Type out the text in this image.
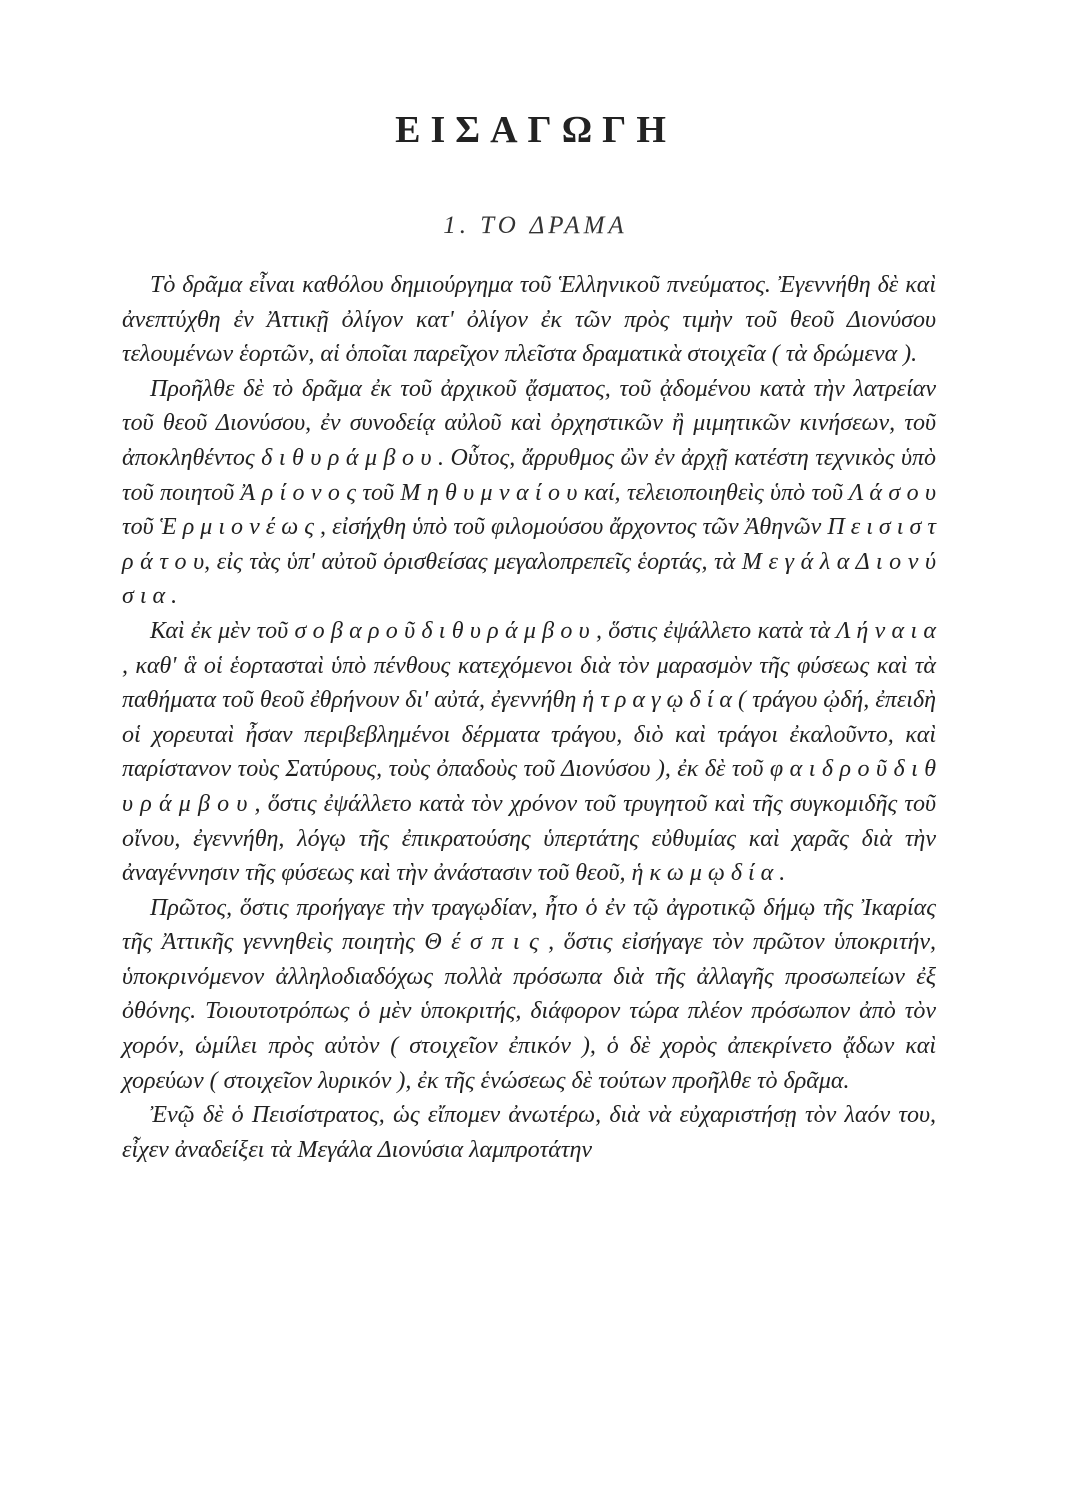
ΕΙΣΑΓΩΓΗ
1. ΤΟ ΔΡΑΜΑ

Τὸ δρᾶμα εἶναι καθόλου δημιούργημα τοῦ Ἑλληνικοῦ πνεύματος. Ἐγεννήθη δὲ καὶ ἀνεπτύχθη ἐν Ἀττικῇ ὀλίγον κατ' ὀλίγον ἐκ τῶν πρὸς τιμὴν τοῦ θεοῦ Διονύσου τελουμένων ἑορτῶν, αἱ ὁποῖαι παρεῖχον πλεῖστα δραματικὰ στοιχεῖα ( τὰ δρώμενα ).

Προῆλθε δὲ τὸ δρᾶμα ἐκ τοῦ ἀρχικοῦ ᾄσματος, τοῦ ᾀδομένου κατὰ τὴν λατρείαν τοῦ θεοῦ Διονύσου, ἐν συνοδείᾳ αὐλοῦ καὶ ὀρχηστικῶν ἢ μιμητικῶν κινήσεων, τοῦ ἀποκληθέντος δ ι θ υ ρ ά μ β ο υ . Οὗτος, ἄρρυθμος ὢν ἐν ἀρχῇ κατέστη τεχνικὸς ὑπὸ τοῦ ποιητοῦ Ἀ ρ ί ο ν ο ς τοῦ Μ η θ υ μ ν α ί ο υ καί, τελειοποιηθεὶς ὑπὸ τοῦ Λ ά σ ο υ τοῦ Ἑ ρ μ ι ο ν έ ω ς , εἰσήχθη ὑπὸ τοῦ φιλομούσου ἄρχοντος τῶν Ἀθηνῶν Π ε ι σ ι σ τ ρ ά τ ο υ, εἰς τὰς ὑπ' αὐτοῦ ὁρισθείσας μεγαλοπρεπεῖς ἑορτάς, τὰ Μ ε γ ά λ α Δ ι ο ν ύ σ ι α .

Καὶ ἐκ μὲν τοῦ σ ο β α ρ ο ῦ δ ι θ υ ρ ά μ β ο υ , ὅστις ἐψάλλετο κατὰ τὰ Λ ή ν α ι α , καθ' ἃ οἱ ἑορτασταὶ ὑπὸ πένθους κατεχόμενοι διὰ τὸν μαρασμὸν τῆς φύσεως καὶ τὰ παθήματα τοῦ θεοῦ ἐθρήνουν δι' αὐτά, ἐγεννήθη ἡ τ ρ α γ ῳ δ ί α ( τράγου ᾠδή, ἐπειδὴ οἱ χορευταὶ ἦσαν περιβεβλημένοι δέρματα τράγου, διὸ καὶ τράγοι ἐκαλοῦντο, καὶ παρίστανον τοὺς Σατύρους, τοὺς ὀπαδοὺς τοῦ Διονύσου ), ἐκ δὲ τοῦ φ α ι δ ρ ο ῦ δ ι θ υ ρ ά μ β ο υ , ὅστις ἐψάλλετο κατὰ τὸν χρόνον τοῦ τρυγητοῦ καὶ τῆς συγκομιδῆς τοῦ οἴνου, ἐγεννήθη, λόγῳ τῆς ἐπικρατούσης ὑπερτάτης εὐθυμίας καὶ χαρᾶς διὰ τὴν ἀναγέννησιν τῆς φύσεως καὶ τὴν ἀνάστασιν τοῦ θεοῦ, ἡ κ ω μ ῳ δ ί α .

Πρῶτος, ὅστις προήγαγε τὴν τραγῳδίαν, ἦτο ὁ ἐν τῷ ἀγροτικῷ δήμῳ τῆς Ἰκαρίας τῆς Ἀττικῆς γεννηθεὶς ποιητὴς Θ έ σ π ι ς , ὅστις εἰσήγαγε τὸν πρῶτον ὑποκριτήν, ὑποκρινόμενον ἀλληλοδιαδόχως πολλὰ πρόσωπα διὰ τῆς ἀλλαγῆς προσωπείων ἐξ ὀθόνης. Τοιουτοτρόπως ὁ μὲν ὑποκριτής, διάφορον τώρα πλέον πρόσωπον ἀπὸ τὸν χορόν, ὡμίλει πρὸς αὐτὸν ( στοιχεῖον ἐπικόν ), ὁ δὲ χορὸς ἀπεκρίνετο ᾄδων καὶ χορεύων ( στοιχεῖον λυρικόν ), ἐκ τῆς ἑνώσεως δὲ τούτων προῆλθε τὸ δρᾶμα.

Ἐνῷ δὲ ὁ Πεισίστρατος, ὡς εἴπομεν ἀνωτέρω, διὰ νὰ εὐχαριστήσῃ τὸν λαόν του, εἶχεν ἀναδείξει τὰ Μεγάλα Διονύσια λαμπροτάτην
